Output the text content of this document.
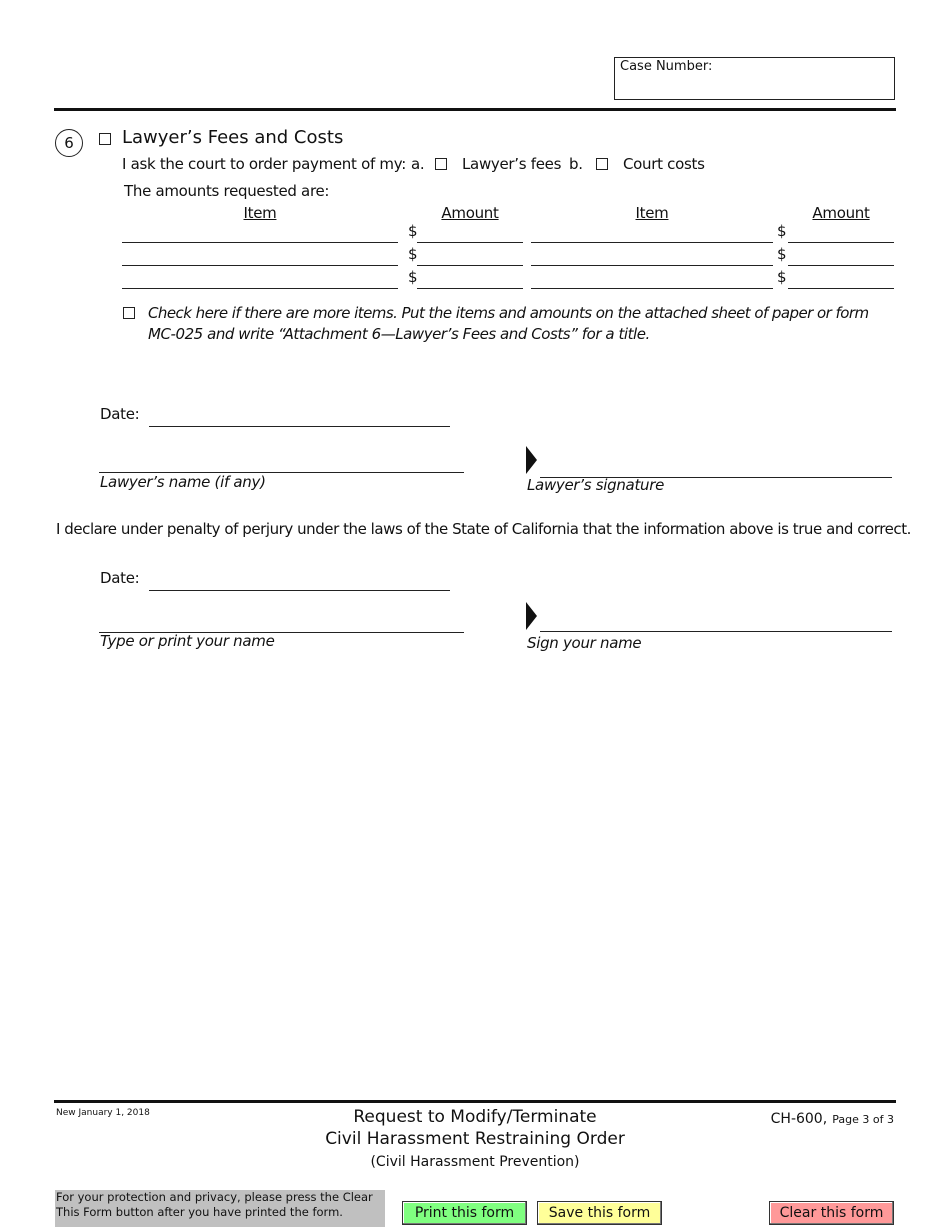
Case Number:
6	Lawyer’s Fees and Costs
I ask the court to order payment of my: a.	Lawyer’s fees b.	Court costs
The amounts requested are:
Item	Amount	Item	Amount
$	$
$	$
$	$
Check here if there are more items. Put the items and amounts on the attached sheet of paper or form
MC-025 and write “Attachment 6—Lawyer’s Fees and Costs” for a title.
Date:
Lawyer’s name (if any)	Lawyer’s signature
I declare under penalty of perjury under the laws of the State of California that the information above is true and correct.
Date:
Type or print your name	Sign your name
New January 1, 2018	Request to Modify/Terminate
Civil Harassment Restraining Order
(Civil Harassment Prevention)
CH-600, Page 3 of 3
For your protection and privacy, please press the Clear
This Form button after you have printed the form.	Print this form	Save this form	Clear this form
